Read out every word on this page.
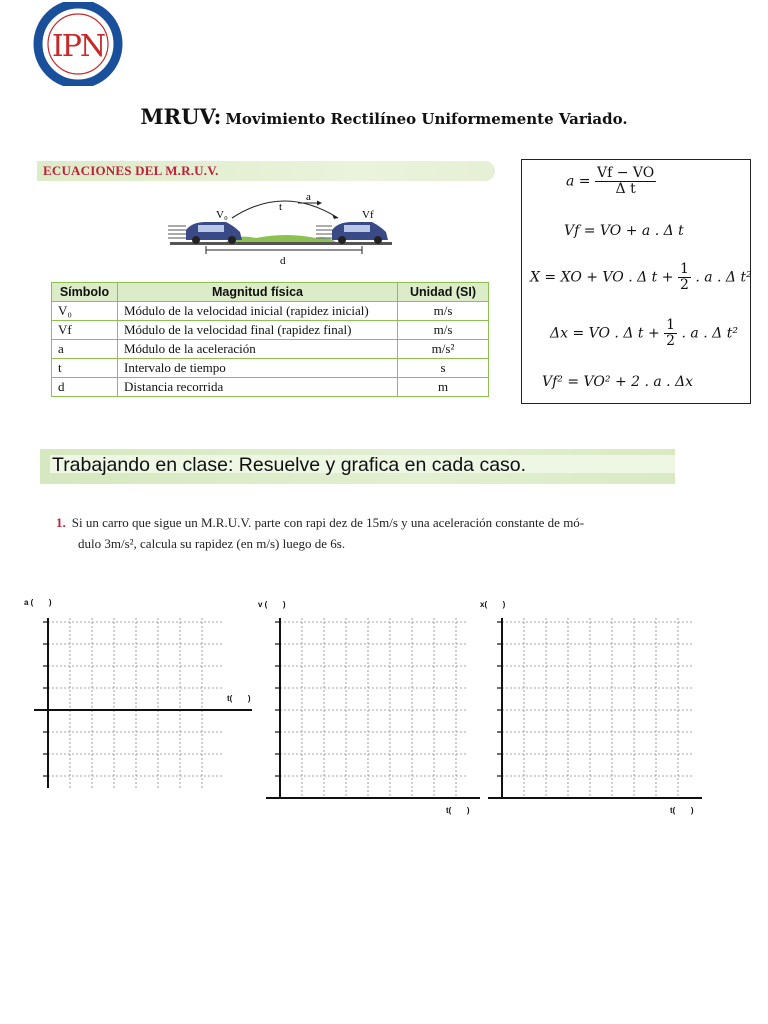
IPN
MRUV: Movimiento Rectilíneo Uniformemente Variado.
ECUACIONES DEL M.R.U.V.
V₀	Vf
t
a
d
Símbolo	Magnitud física	Unidad (SI)
V₀	Módulo de la velocidad inicial (rapidez inicial)	m/s
Vf	Módulo de la velocidad final (rapidez final)	m/s
a	Módulo de la aceleración	m/s²
t	Intervalo de tiempo	s
d	Distancia recorrida	m
$a = \frac{Vf - VO}{\text{Δ t}}$
Vf = VO + a . Δ t
X = XO + VO . Δ $t + \frac{1}{2}$ . a . Δ t²
Δx = VO . Δ $t + \frac{1}{2}$ . a . Δ t²
Vf² = VO² + 2 . a . Δx
Trabajando en clase: Resuelve y grafica en cada caso.
1. Si un carro que sigue un M.R.U.V. parte con rapi dez de 15m/s y una aceleración constante de mó-
dulo 3m/s², calcula su rapidez (en m/s) luego de 6s.
a (       )
t(       )
v (       )
t(       )
x(       )
t(       )
